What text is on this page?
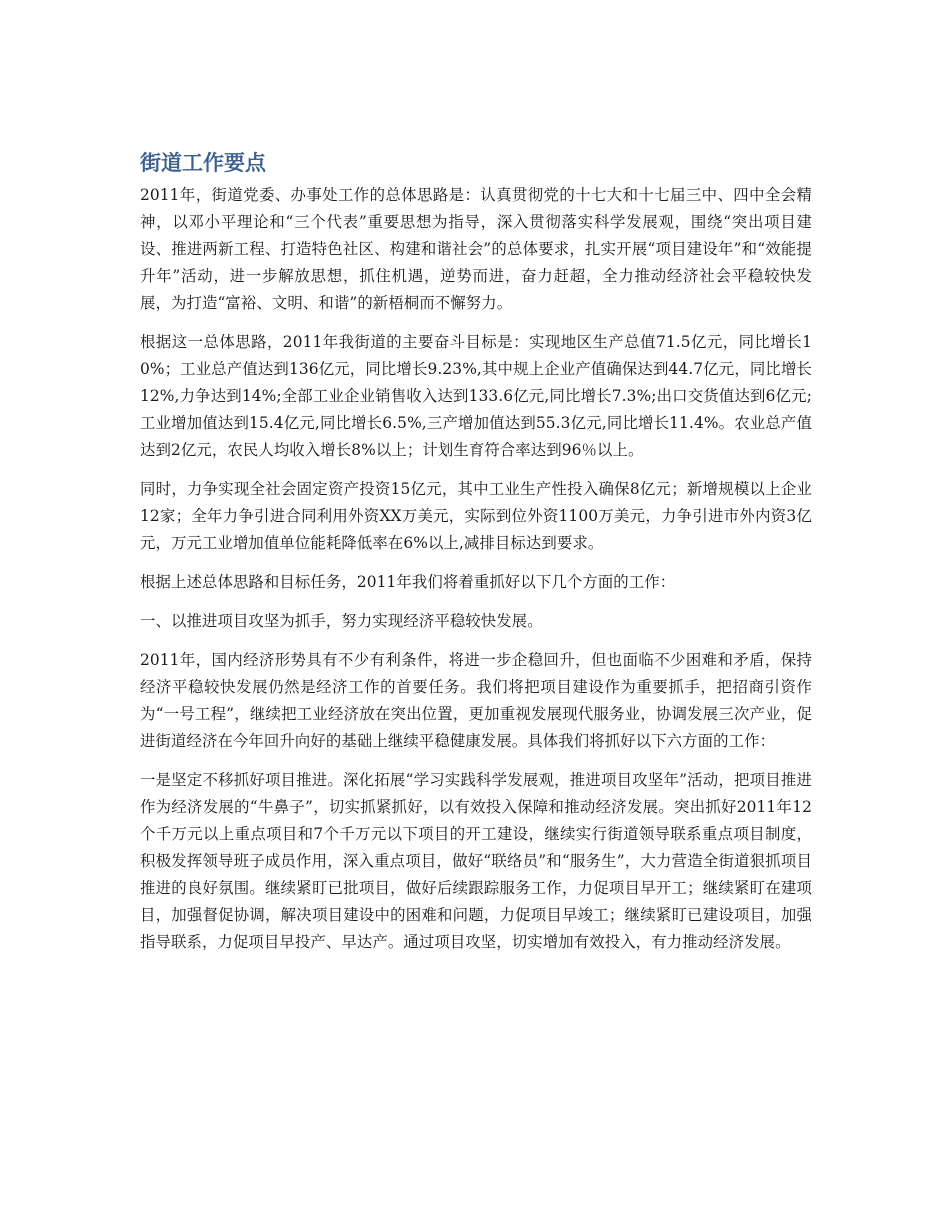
街道工作要点

2011年，街道党委、办事处工作的总体思路是：认真贯彻党的十七大和十七届三中、四中全会精神，以邓小平理论和“三个代表”重要思想为指导，深入贯彻落实科学发展观，围绕“突出项目建设、推进两新工程、打造特色社区、构建和谐社会”的总体要求，扎实开展“项目建设年”和“效能提升年”活动，进一步解放思想，抓住机遇，逆势而进，奋力赶超，全力推动经济社会平稳较快发展，为打造“富裕、文明、和谐”的新梧桐而不懈努力。

根据这一总体思路，2011年我街道的主要奋斗目标是：实现地区生产总值71.5亿元，同比增长10%；工业总产值达到136亿元，同比增长9.23%,其中规上企业产值确保达到44.7亿元，同比增长12%,力争达到14%;全部工业企业销售收入达到133.6亿元,同比增长7.3%;出口交货值达到6亿元;工业增加值达到15.4亿元,同比增长6.5%,三产增加值达到55.3亿元,同比增长11.4%。农业总产值达到2亿元，农民人均收入增长8%以上；计划生育符合率达到96％以上。

同时，力争实现全社会固定资产投资15亿元，其中工业生产性投入确保8亿元；新增规模以上企业12家；全年力争引进合同利用外资XX万美元，实际到位外资1100万美元，力争引进市外内资3亿元，万元工业增加值单位能耗降低率在6%以上,减排目标达到要求。

根据上述总体思路和目标任务，2011年我们将着重抓好以下几个方面的工作：

一、以推进项目攻坚为抓手，努力实现经济平稳较快发展。

2011年，国内经济形势具有不少有利条件，将进一步企稳回升，但也面临不少困难和矛盾，保持经济平稳较快发展仍然是经济工作的首要任务。我们将把项目建设作为重要抓手，把招商引资作为“一号工程”，继续把工业经济放在突出位置，更加重视发展现代服务业，协调发展三次产业，促进街道经济在今年回升向好的基础上继续平稳健康发展。具体我们将抓好以下六方面的工作：

一是坚定不移抓好项目推进。深化拓展“学习实践科学发展观，推进项目攻坚年”活动，把项目推进作为经济发展的“牛鼻子”，切实抓紧抓好，以有效投入保障和推动经济发展。突出抓好2011年12个千万元以上重点项目和7个千万元以下项目的开工建设，继续实行街道领导联系重点项目制度，积极发挥领导班子成员作用，深入重点项目，做好“联络员”和“服务生”，大力营造全街道狠抓项目推进的良好氛围。继续紧盯已批项目，做好后续跟踪服务工作，力促项目早开工；继续紧盯在建项目，加强督促协调，解决项目建设中的困难和问题，力促项目早竣工；继续紧盯已建设项目，加强指导联系，力促项目早投产、早达产。通过项目攻坚，切实增加有效投入，有力推动经济发展。
